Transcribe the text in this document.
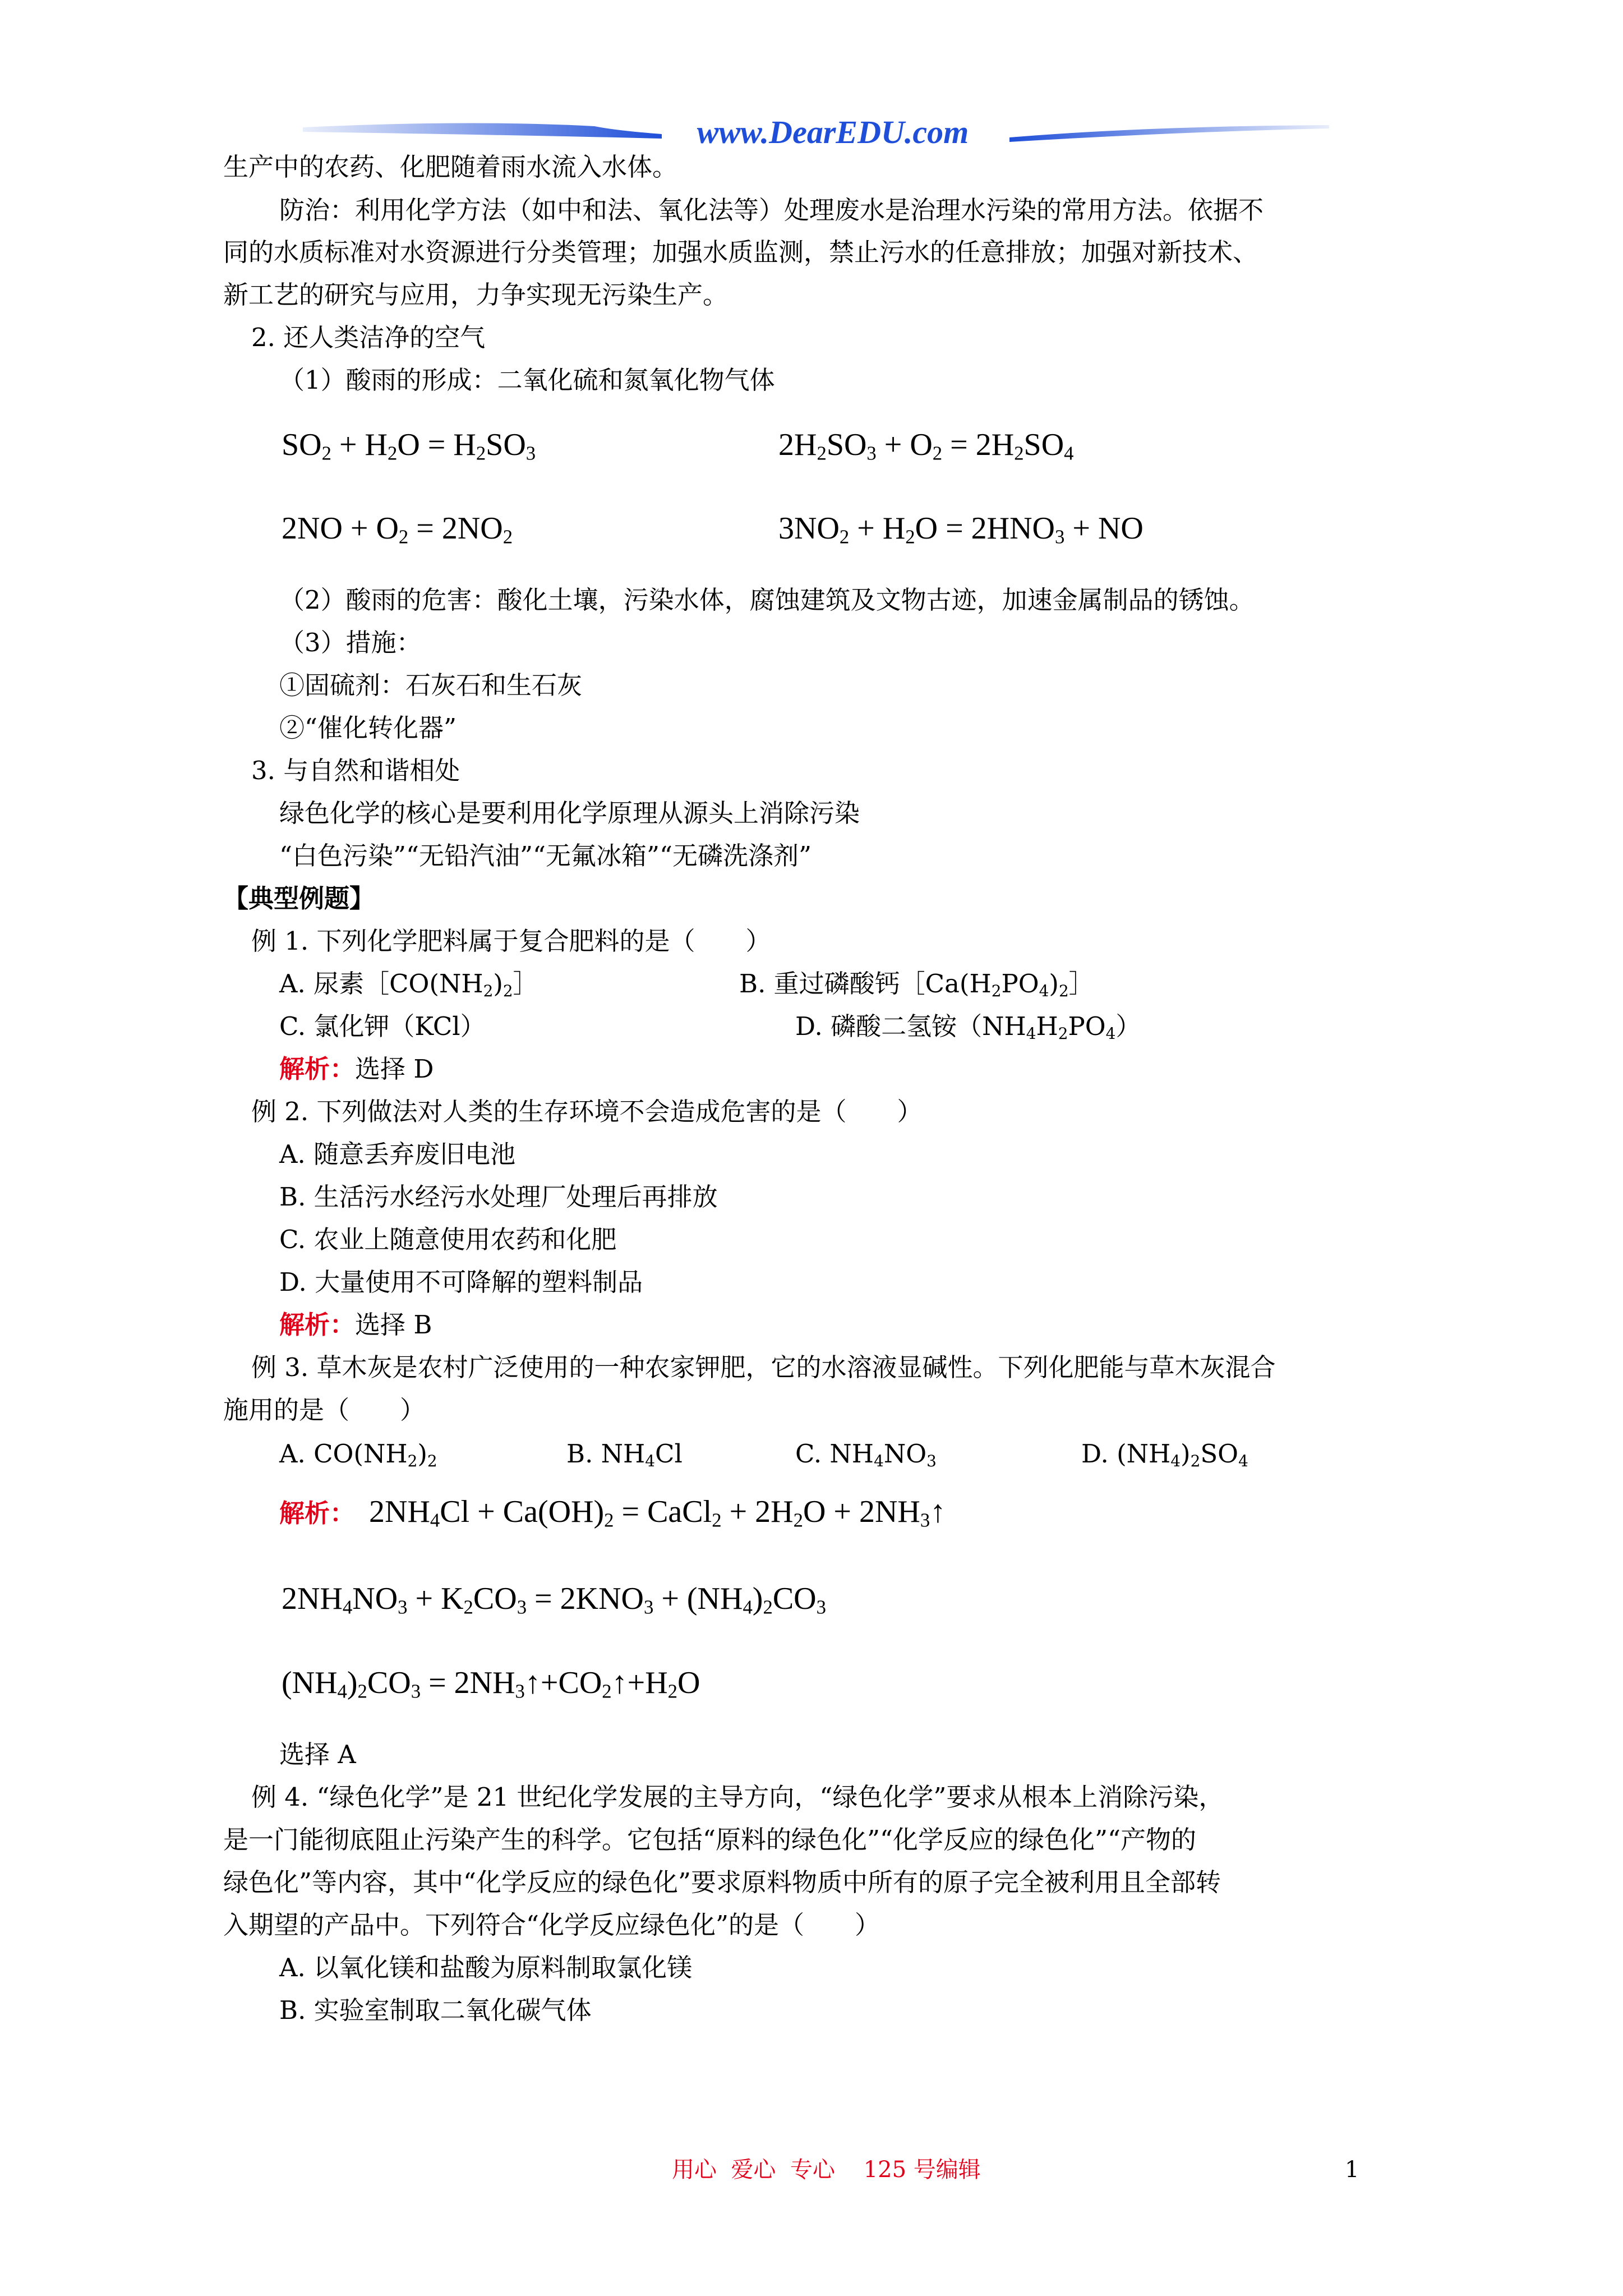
www.DearEDU.com
生产中的农药、化肥随着雨水流入水体。
防治：利用化学方法（如中和法、氧化法等）处理废水是治理水污染的常用方法。依据不
同的水质标准对水资源进行分类管理；加强水质监测，禁止污水的任意排放；加强对新技术、
新工艺的研究与应用，力争实现无污染生产。
2. 还人类洁净的空气
（1）酸雨的形成：二氧化硫和氮氧化物气体
$SO_2 + H_2O = H_2SO_3$	$2H_2SO_3 + O_2 = 2H_2SO_4$
$2NO + O_2 = 2NO_2$	$3NO_2 + H_2O = 2HNO_3$ + NO
（2）酸雨的危害：酸化土壤，污染水体，腐蚀建筑及文物古迹，加速金属制品的锈蚀。
（3）措施：
①固硫剂：石灰石和生石灰
②“催化转化器”
3. 与自然和谐相处
绿色化学的核心是要利用化学原理从源头上消除污染
“白色污染”“无铅汽油”“无氟冰箱”“无磷洗涤剂”
【典型例题】
例 1. 下列化学肥料属于复合肥料的是（　　）
A. 尿素$[CO(NH_2)_2]$	B. 重过磷酸钙$[Ca(H_2PO_4)_2]$
C. 氯化钾（KCl）	D. 磷酸二氢铵$(NH_4H_2PO_4)$
解析：选择 D
例 2. 下列做法对人类的生存环境不会造成危害的是（　　）
A. 随意丢弃废旧电池
B. 生活污水经污水处理厂处理后再排放
C. 农业上随意使用农药和化肥
D. 大量使用不可降解的塑料制品
解析：选择 B
例 3. 草木灰是农村广泛使用的一种农家钾肥，它的水溶液显碱性。下列化肥能与草木灰混合
施用的是（　　）
A. $CO(NH_2)_2$	B. $NH_4Cl$	C. $NH_4NO_3$	D. $(NH_4)_2SO_4$
解析： $2NH_4Cl + Ca(OH)_2$ = CaCl$_2$ + $2H_2O$ + $2NH_3↑$
$2NH_4NO_3 + K_2CO_3 = 2KNO_3 + (NH_4)_2CO_3$
$(NH_4)_2CO_3$ = $2NH_3↑+CO_2↑+H_2O$
选择 A
例 4. “绿色化学”是 21 世纪化学发展的主导方向，“绿色化学”要求从根本上消除污染，
是一门能彻底阻止污染产生的科学。它包括“原料的绿色化”“化学反应的绿色化”“产物的
绿色化”等内容，其中“化学反应的绿色化”要求原料物质中所有的原子完全被利用且全部转
入期望的产品中。下列符合“化学反应绿色化”的是（　　）
A. 以氧化镁和盐酸为原料制取氯化镁
B. 实验室制取二氧化碳气体
用心  爱心  专心    125 号编辑	1
